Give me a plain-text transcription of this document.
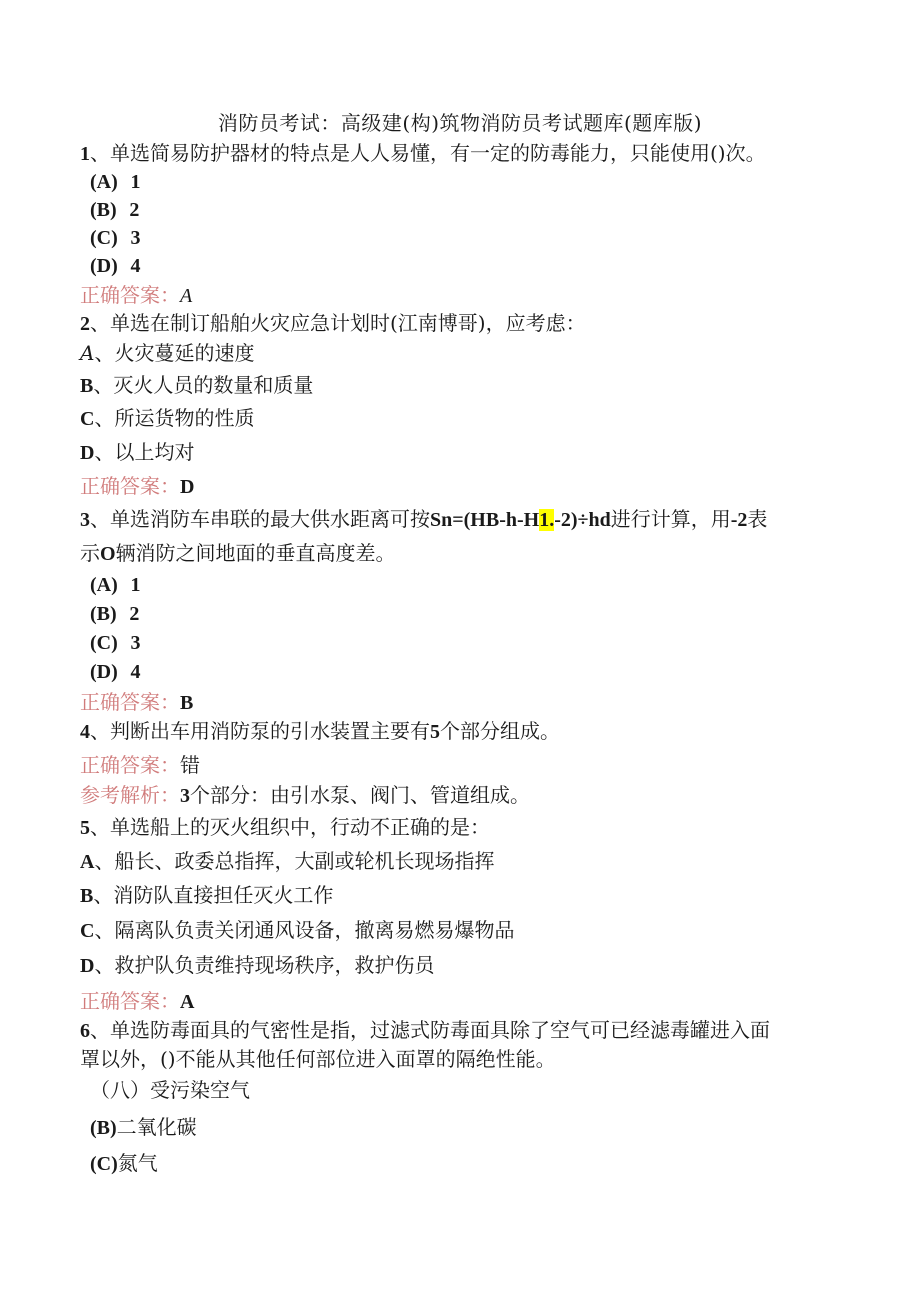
消防员考试：高级建(构)筑物消防员考试题库(题库版)
1、单选简易防护器材的特点是人人易懂，有一定的防毒能力，只能使用()次。
(A) 1
(B) 2
(C) 3
(D) 4
正确答案：A
2、单选在制订船舶火灾应急计划时(江南博哥)，应考虑：
A、火灾蔓延的速度
B、灭火人员的数量和质量
C、所运货物的性质
D、以上均对
正确答案：D
3、单选消防车串联的最大供水距离可按Sn=(HB-h-H1.-2)÷hd进行计算，用-2表
示O辆消防之间地面的垂直高度差。
(A) 1
(B) 2
(C) 3
(D) 4
正确答案：B
4、判断出车用消防泵的引水装置主要有5个部分组成。
正确答案：错
参考解析：3个部分：由引水泵、阀门、管道组成。
5、单选船上的灭火组织中，行动不正确的是：
A、船长、政委总指挥，大副或轮机长现场指挥
B、消防队直接担任灭火工作
C、隔离队负责关闭通风设备，撤离易燃易爆物品
D、救护队负责维持现场秩序，救护伤员
正确答案：A
6、单选防毒面具的气密性是指，过滤式防毒面具除了空气可已经滤毒罐进入面
罩以外，()不能从其他任何部位进入面罩的隔绝性能。
（八）受污染空气
(B)二氧化碳
(C)氮气
